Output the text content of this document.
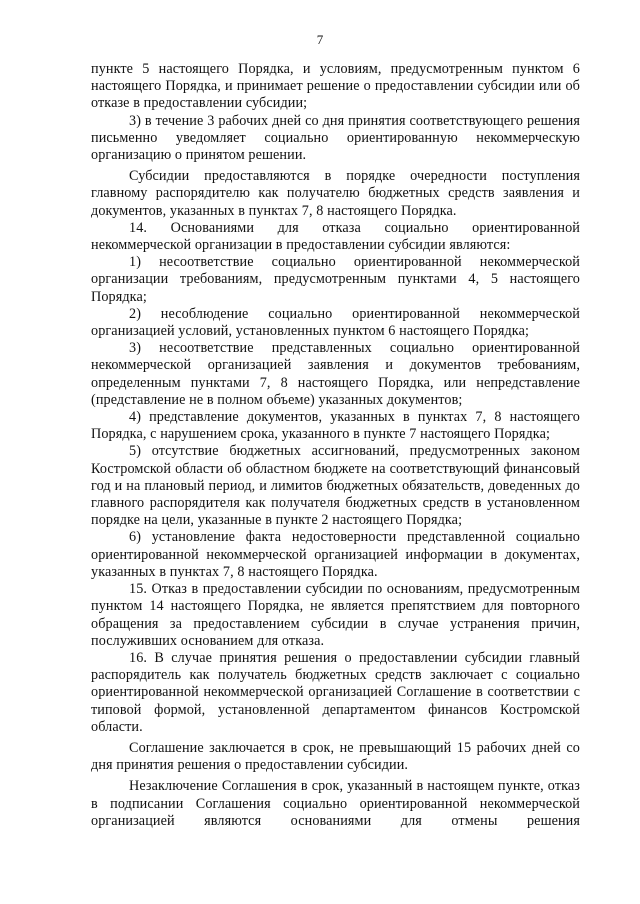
7

пункте 5 настоящего Порядка, и условиям, предусмотренным пунктом 6 настоящего Порядка, и принимает решение о предоставлении субсидии или об отказе в предоставлении субсидии;

3) в течение 3 рабочих дней со дня принятия соответствующего решения письменно уведомляет социально ориентированную некоммерческую организацию о принятом решении.

Субсидии предоставляются в порядке очередности поступления главному распорядителю как получателю бюджетных средств заявления и документов, указанных в пунктах 7, 8 настоящего Порядка.

14. Основаниями для отказа социально ориентированной некоммерческой организации в предоставлении субсидии являются:

1) несоответствие социально ориентированной некоммерческой организации требованиям, предусмотренным пунктами 4, 5 настоящего Порядка;

2) несоблюдение социально ориентированной некоммерческой организацией условий, установленных пунктом 6 настоящего Порядка;

3) несоответствие представленных социально ориентированной некоммерческой организацией заявления и документов требованиям, определенным пунктами 7, 8 настоящего Порядка, или непредставление (представление не в полном объеме) указанных документов;

4) представление документов, указанных в пунктах 7, 8 настоящего Порядка, с нарушением срока, указанного в пункте 7 настоящего Порядка;

5) отсутствие бюджетных ассигнований, предусмотренных законом Костромской области об областном бюджете на соответствующий финансовый год и на плановый период, и лимитов бюджетных обязательств, доведенных до главного распорядителя как получателя бюджетных средств в установленном порядке на цели, указанные в пункте 2 настоящего Порядка;

6) установление факта недостоверности представленной социально ориентированной некоммерческой организацией информации в документах, указанных в пунктах 7, 8 настоящего Порядка.

15. Отказ в предоставлении субсидии по основаниям, предусмотренным пунктом 14 настоящего Порядка, не является препятствием для повторного обращения за предоставлением субсидии в случае устранения причин, послуживших основанием для отказа.

16. В случае принятия решения о предоставлении субсидии главный распорядитель как получатель бюджетных средств заключает с социально ориентированной некоммерческой организацией Соглашение в соответствии с типовой формой, установленной департаментом финансов Костромской области.

Соглашение заключается в срок, не превышающий 15 рабочих дней со дня принятия решения о предоставлении субсидии.

Незаключение Соглашения в срок, указанный в настоящем пункте, отказ в подписании Соглашения социально ориентированной некоммерческой организацией являются основаниями для отмены решения
